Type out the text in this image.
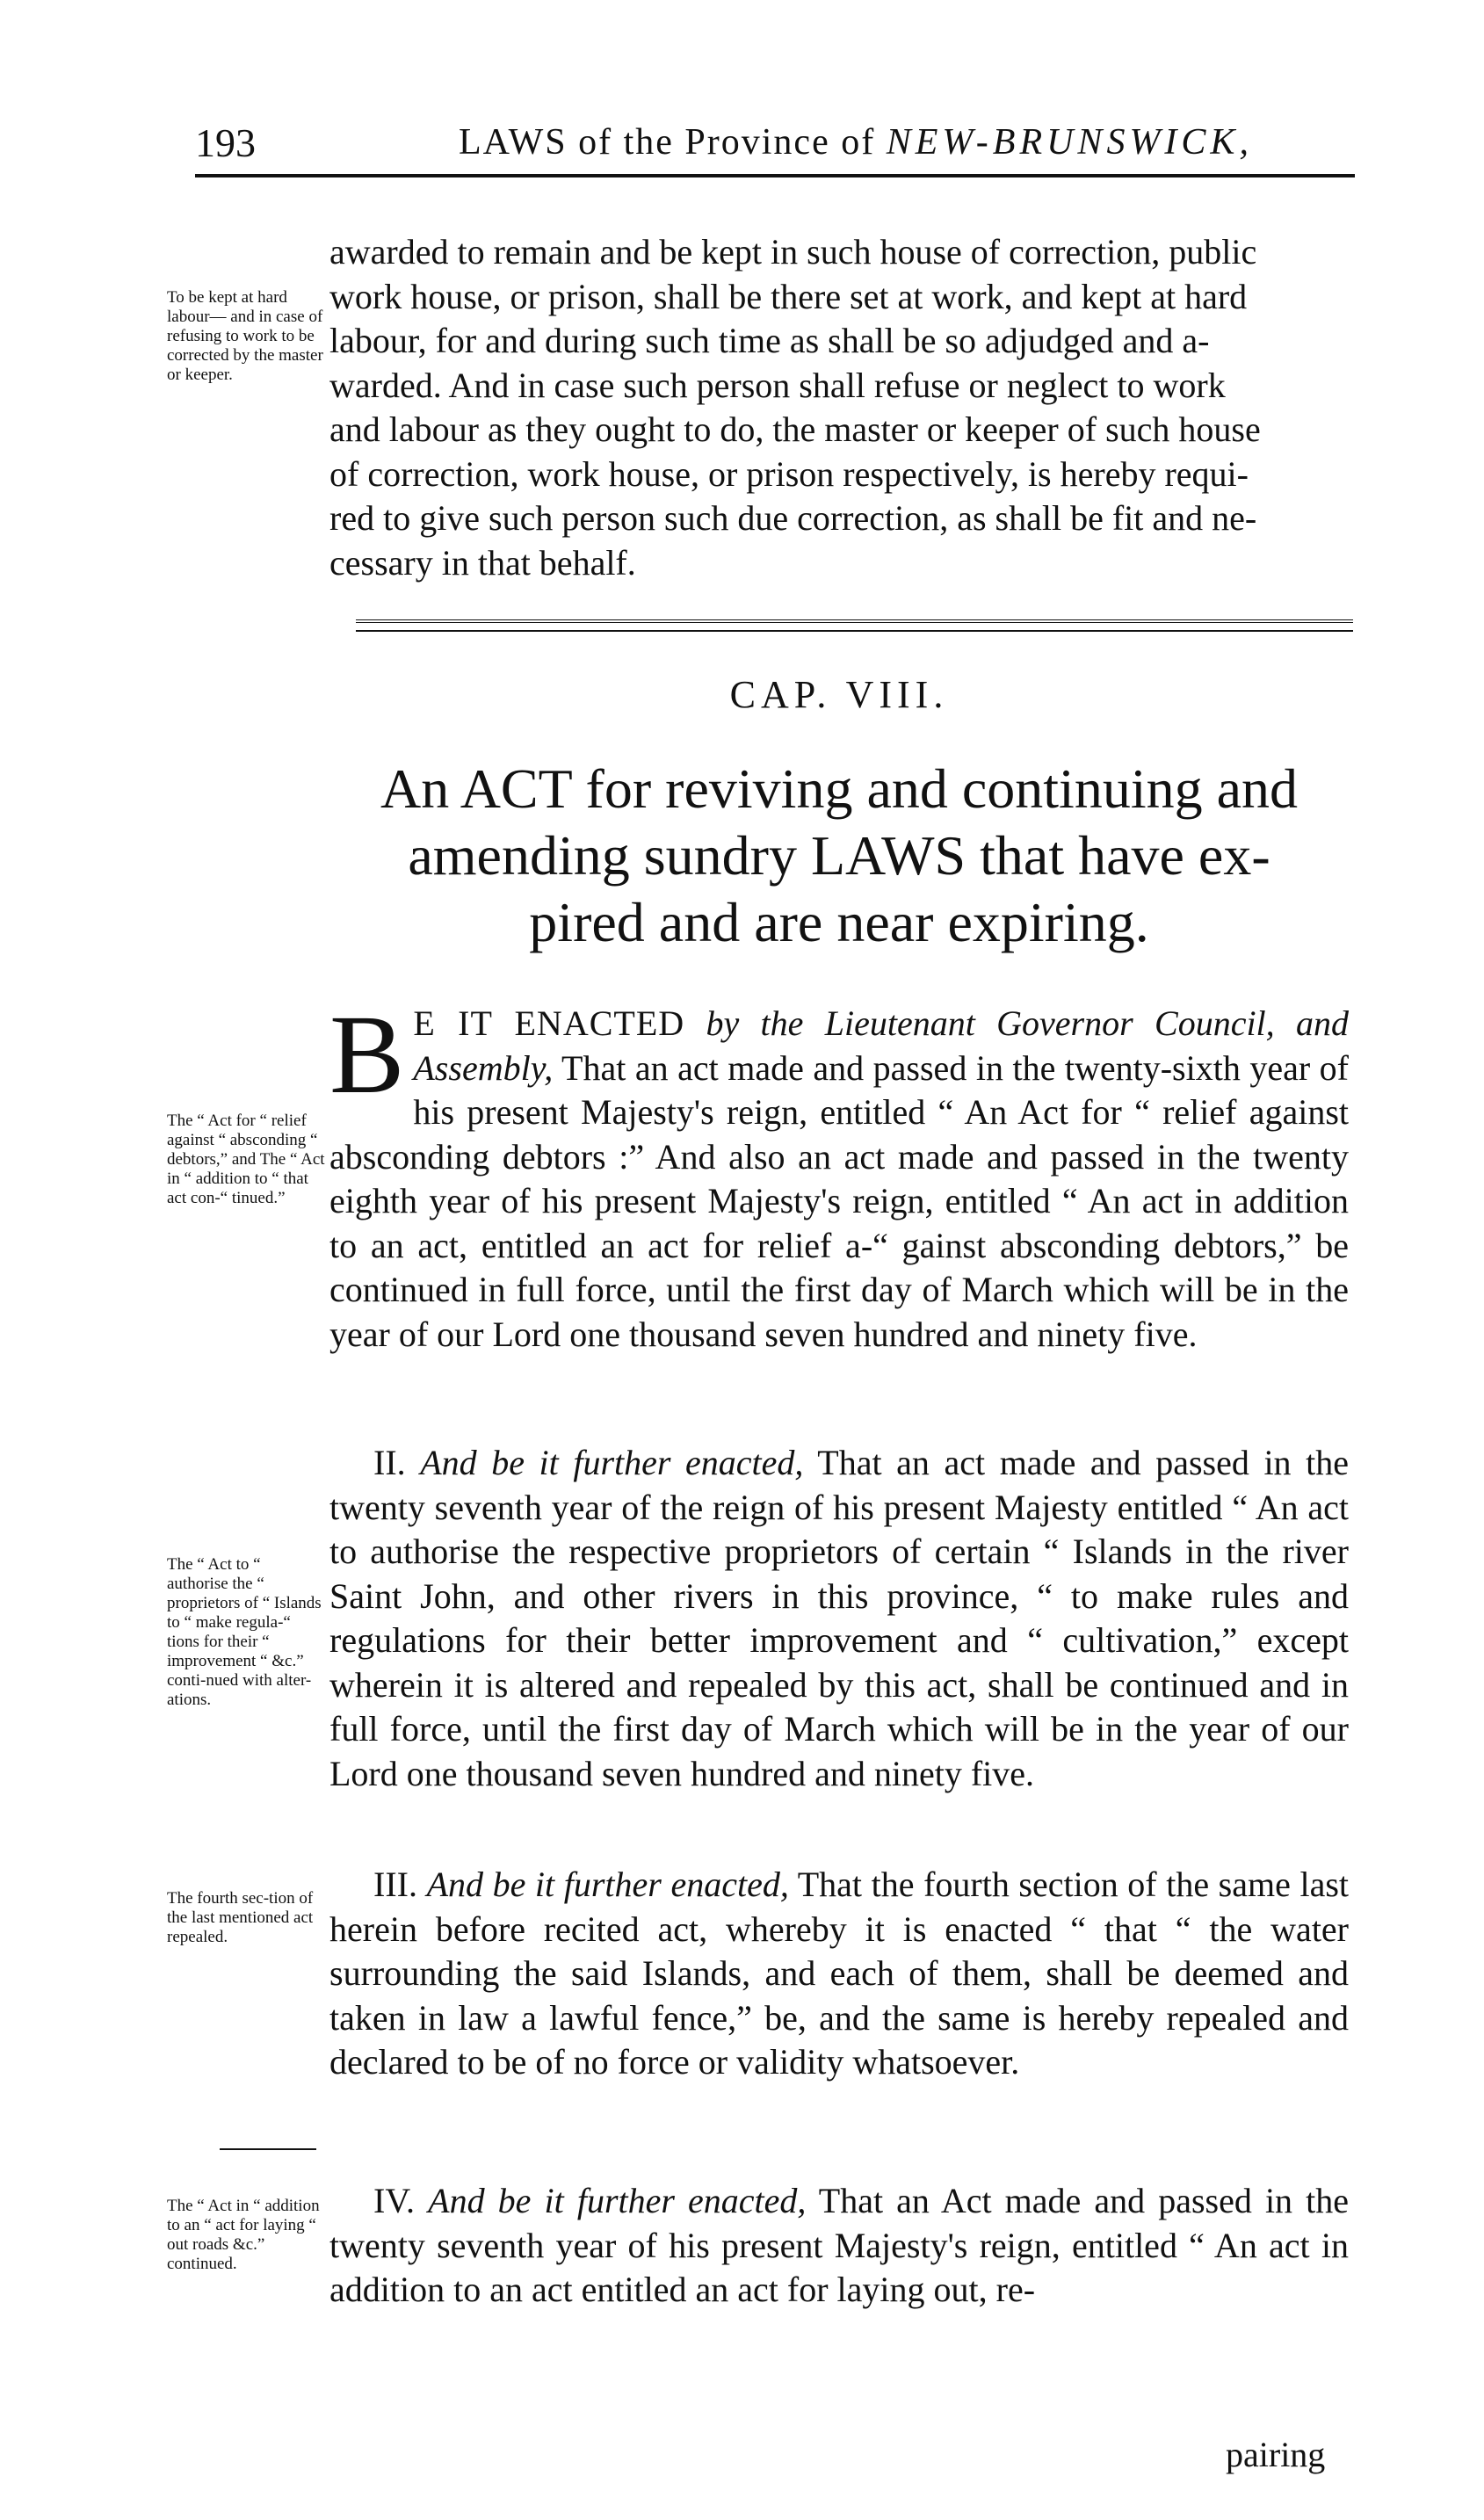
193	LAWS of the Province of NEW-BRUNSWICK,
To be kept at hard labour— and in case of refusing to work to be corrected by the master or keeper.
awarded to remain and be kept in such house of correction, public
work house, or prison, shall be there set at work, and kept at hard
labour, for and during such time as shall be so adjudged and a-
warded. And in case such person shall refuse or neglect to work
and labour as they ought to do, the master or keeper of such house
of correction, work house, or prison respectively, is hereby requi-
red to give such person such due correction, as shall be fit and ne-
cessary in that behalf.
CAP. VIII.
An ACT for reviving and continuing and
amending sundry LAWS that have ex-
pired and are near expiring.
The “ Act for “ relief against “ absconding “ debtors,” and The “ Act in “ addition to “ that act con-“ tinued.”

B E IT ENACTED by the Lieutenant Governor Council, and Assembly, That an act made and passed in the twenty-sixth year of his present Majesty's reign, entitled “ An Act for “ relief against absconding debtors :” And also an act made and passed in the twenty eighth year of his present Majesty's reign, entitled “ An act in addition to an act, entitled an act for relief a-“ gainst absconding debtors,” be continued in full force, until the first day of March which will be in the year of our Lord one thousand seven hundred and ninety five.

The “ Act to “ authorise the “ proprietors of “ Islands to “ make regula-“ tions for their “ improvement “ &c.” conti-nued with alter-ations.

II. And be it further enacted, That an act made and passed in the twenty seventh year of the reign of his present Majesty entitled “ An act to authorise the respective proprietors of certain “ Islands in the river Saint John, and other rivers in this province, “ to make rules and regulations for their better improvement and “ cultivation,” except wherein it is altered and repealed by this act, shall be continued and in full force, until the first day of March which will be in the year of our Lord one thousand seven hundred and ninety five.

The fourth sec-tion of the last mentioned act repealed.

III. And be it further enacted, That the fourth section of the same last herein before recited act, whereby it is enacted “ that “ the water surrounding the said Islands, and each of them, shall be deemed and taken in law a lawful fence,” be, and the same is hereby repealed and declared to be of no force or validity whatsoever.

The “ Act in “ addition to an “ act for laying “ out roads &c.” continued.

IV. And be it further enacted, That an Act made and passed in the twenty seventh year of his present Majesty's reign, entitled “ An act in addition to an act entitled an act for laying out, re-

pairing
